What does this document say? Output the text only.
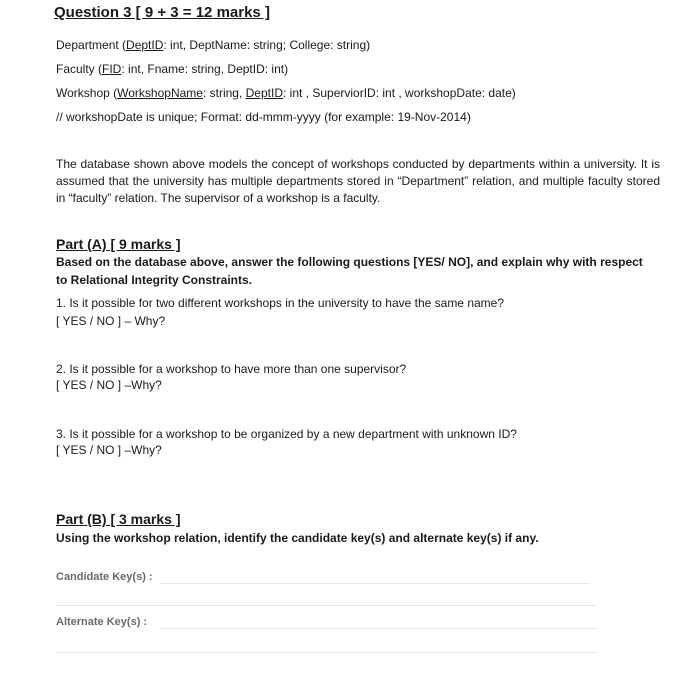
Question 3 [ 9 + 3 = 12 marks ]
Department (DeptID: int, DeptName: string; College: string)
Faculty (FID: int, Fname: string, DeptID: int)
Workshop (WorkshopName: string, DeptID: int , SuperviorID: int , workshopDate: date)
// workshopDate is unique; Format: dd-mmm-yyyy (for example: 19-Nov-2014)
The database shown above models the concept of workshops conducted by departments within a university. It is assumed that the university has multiple departments stored in “Department” relation, and multiple faculty stored in “faculty” relation. The supervisor of a workshop is a faculty.
Part (A) [ 9 marks ]
Based on the database above, answer the following questions [YES/ NO], and explain why with respect
to Relational Integrity Constraints.
1. Is it possible for two different workshops in the university to have the same name?
[ YES / NO ] – Why?
2. Is it possible for a workshop to have more than one supervisor?
[ YES / NO ] –Why?
3. Is it possible for a workshop to be organized by a new department with unknown ID?
[ YES / NO ] –Why?
Part (B) [ 3 marks ]
Using the workshop relation, identify the candidate key(s) and alternate key(s) if any.
Candidate Key(s) :
Alternate Key(s) :
